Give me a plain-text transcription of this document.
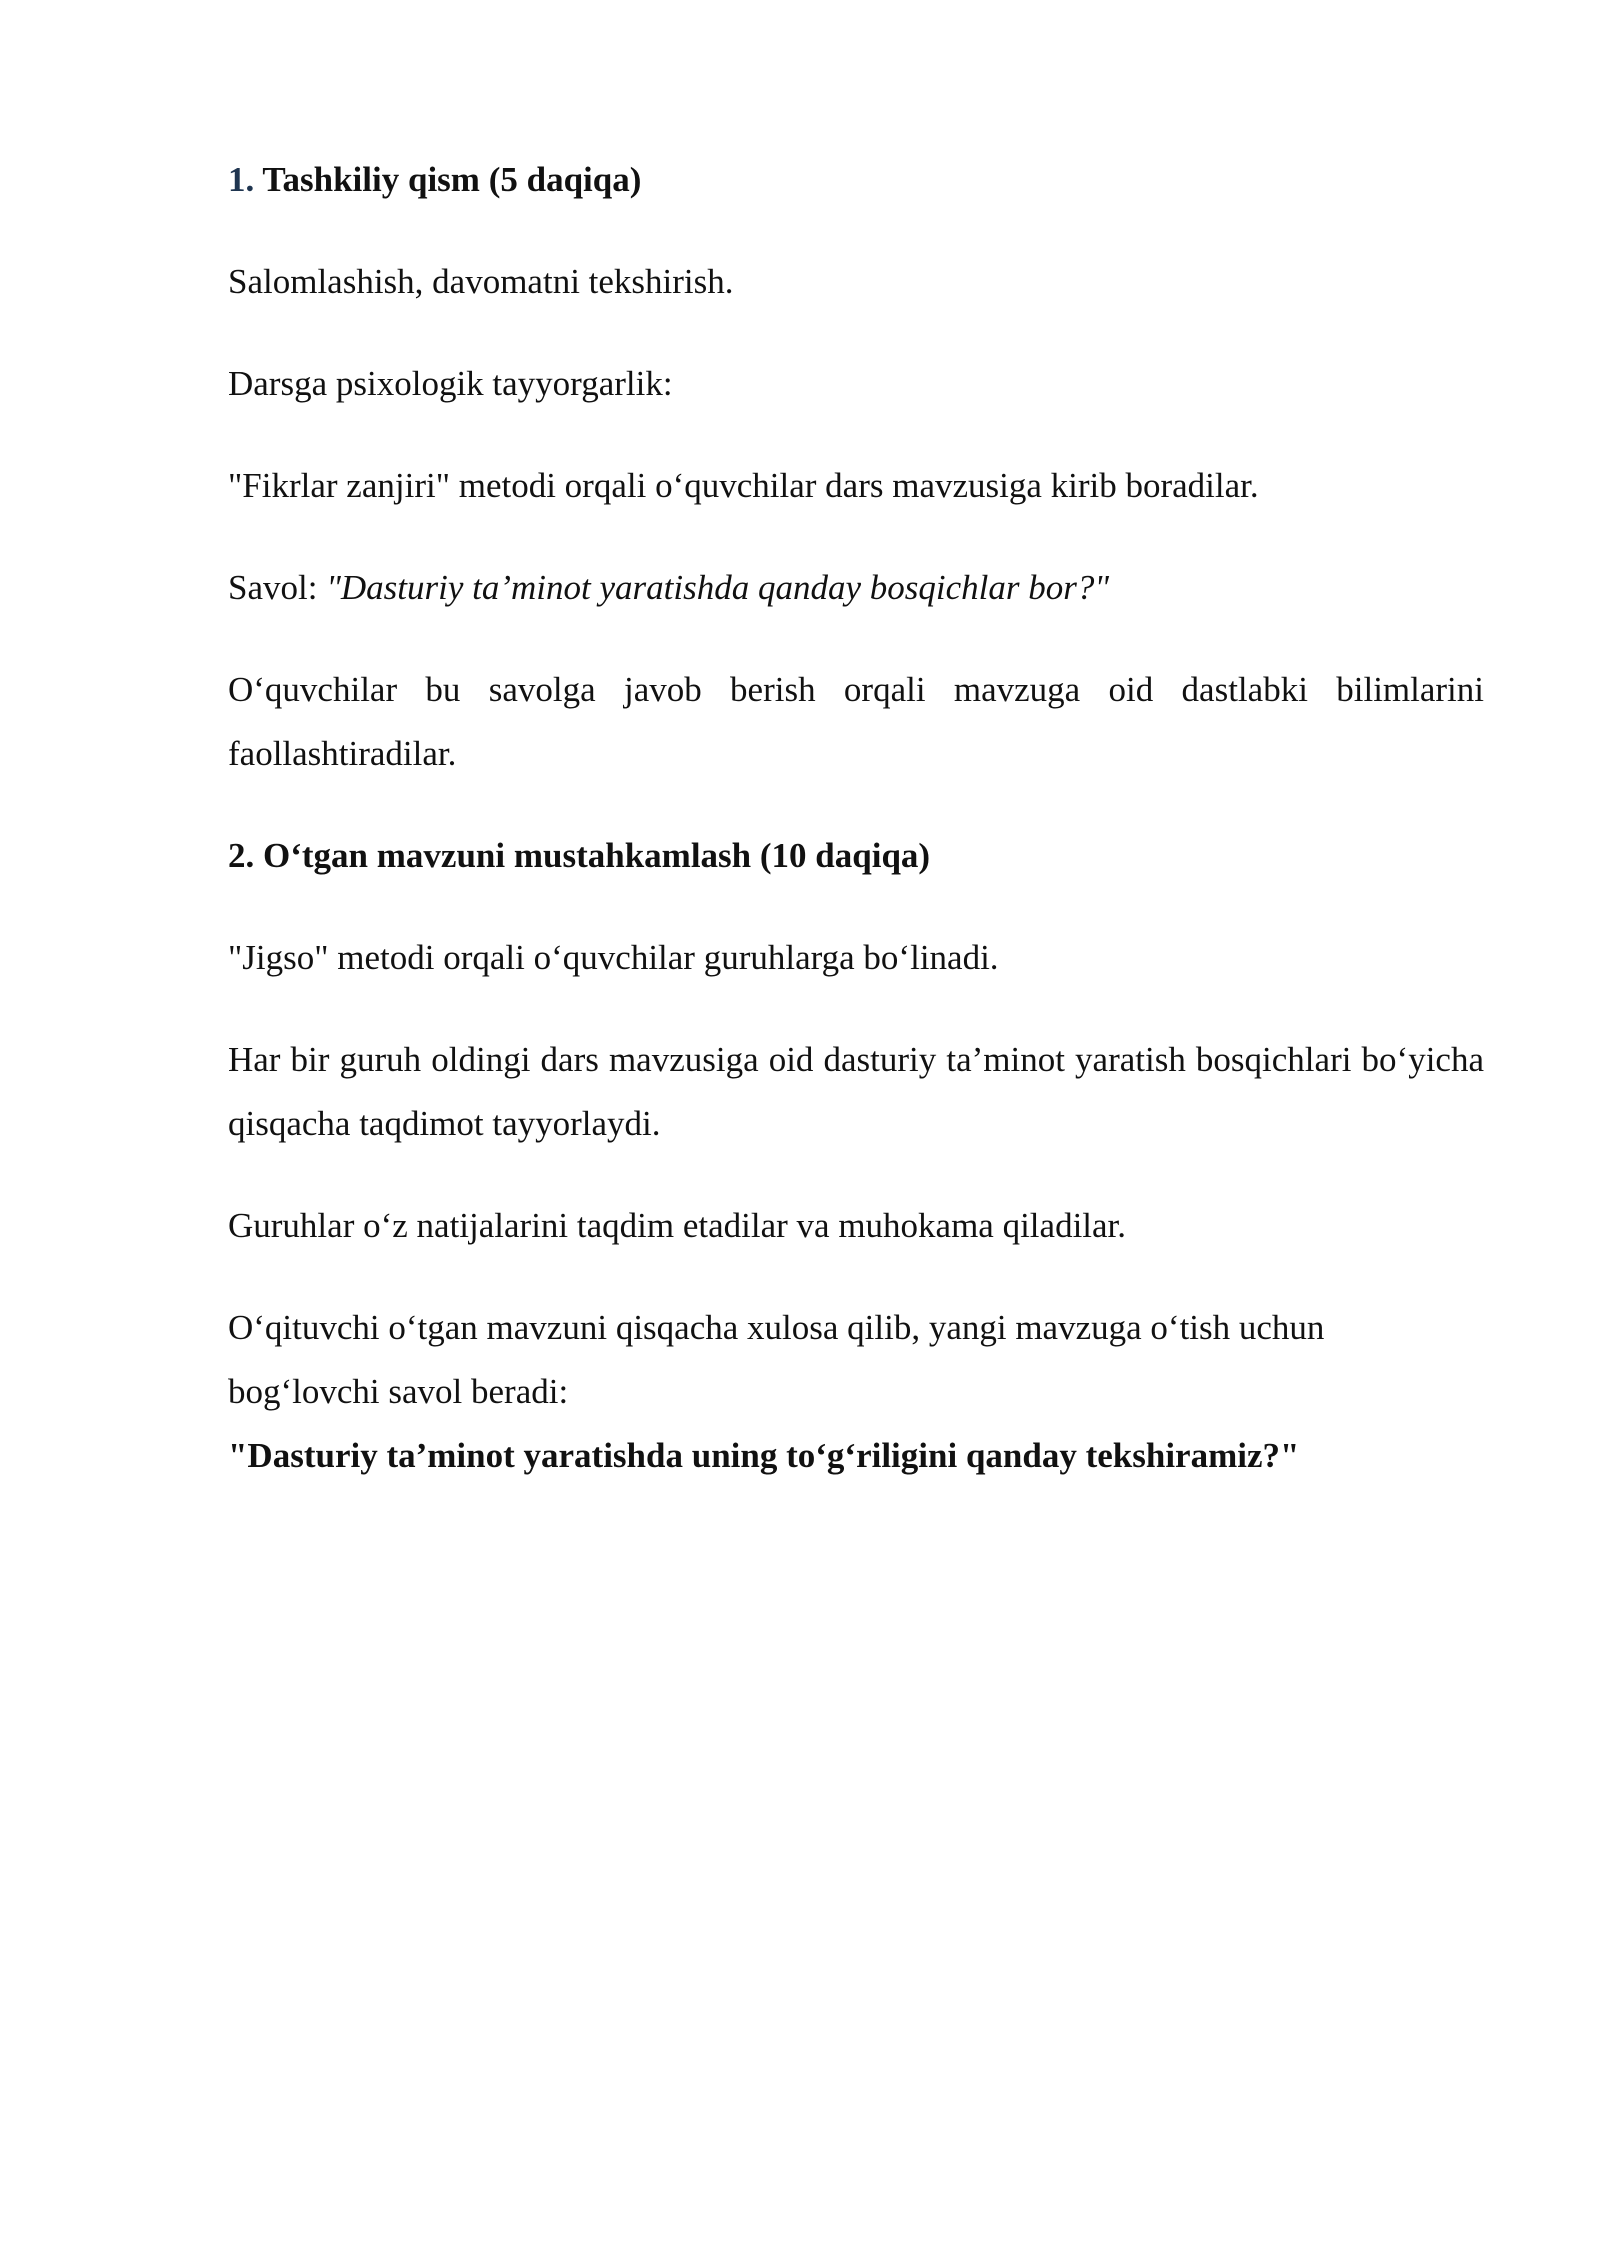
1. Tashkiliy qism (5 daqiqa)

Salomlashish, davomatni tekshirish.

Darsga psixologik tayyorgarlik:

"Fikrlar zanjiri" metodi orqali o‘quvchilar dars mavzusiga kirib boradilar.

Savol: "Dasturiy ta’minot yaratishda qanday bosqichlar bor?"

O‘quvchilar bu savolga javob berish orqali mavzuga oid dastlabki bilimlarini faollashtiradilar.

2. O‘tgan mavzuni mustahkamlash (10 daqiqa)

"Jigso" metodi orqali o‘quvchilar guruhlarga bo‘linadi.

Har bir guruh oldingi dars mavzusiga oid dasturiy ta’minot yaratish bosqichlari bo‘yicha qisqacha taqdimot tayyorlaydi.

Guruhlar o‘z natijalarini taqdim etadilar va muhokama qiladilar.

O‘qituvchi o‘tgan mavzuni qisqacha xulosa qilib, yangi mavzuga o‘tish uchun bog‘lovchi savol beradi:

"Dasturiy ta’minot yaratishda uning to‘g‘riligini qanday tekshiramiz?"
